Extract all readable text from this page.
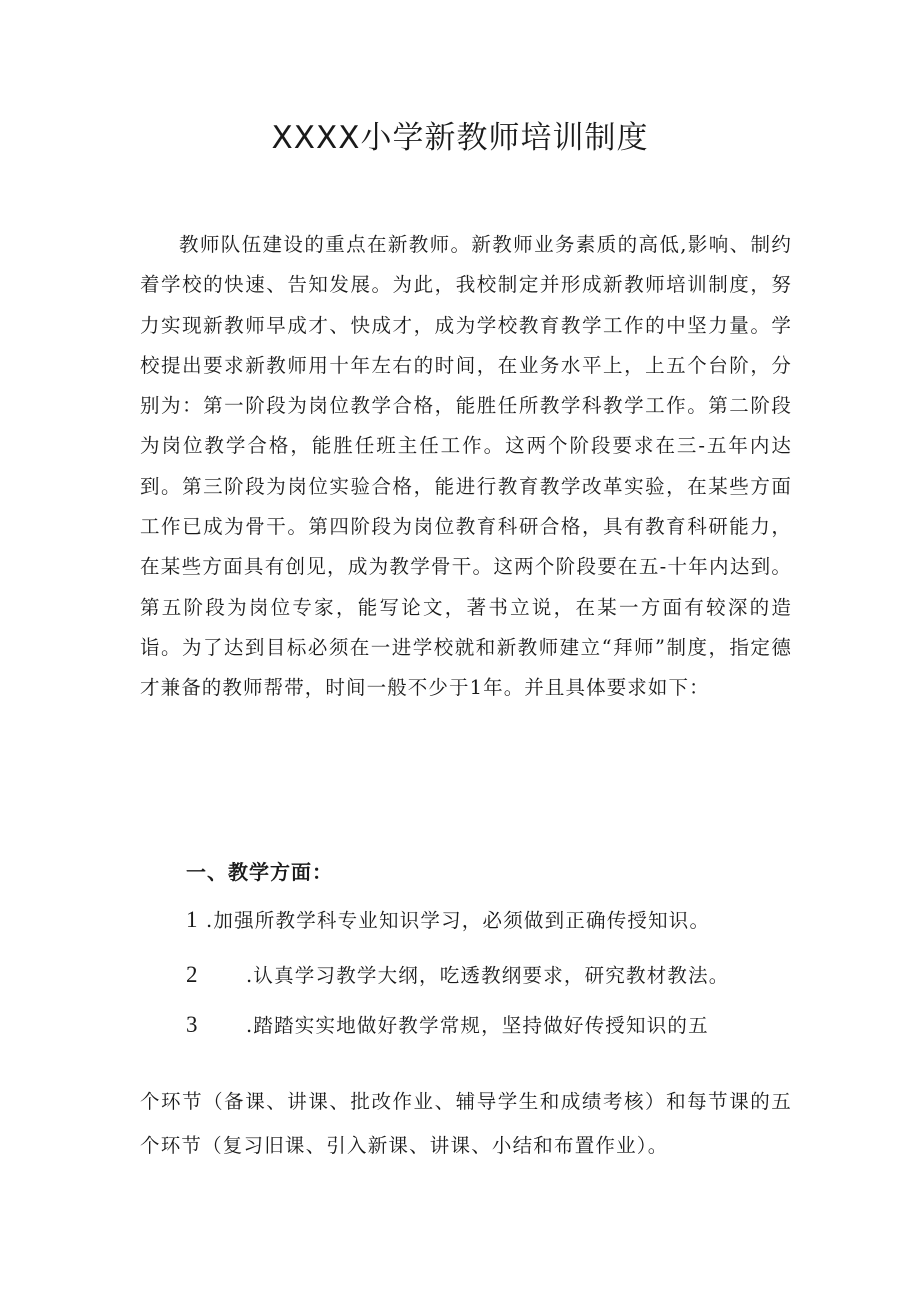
XXXX小学新教师培训制度

教师队伍建设的重点在新教师。新教师业务素质的高低,影响、制约着学校的快速、告知发展。为此，我校制定并形成新教师培训制度，努力实现新教师早成才、快成才，成为学校教育教学工作的中坚力量。学校提出要求新教师用十年左右的时间，在业务水平上，上五个台阶，分别为：第一阶段为岗位教学合格，能胜任所教学科教学工作。第二阶段为岗位教学合格，能胜任班主任工作。这两个阶段要求在三-五年内达到。第三阶段为岗位实验合格，能进行教育教学改革实验，在某些方面工作已成为骨干。第四阶段为岗位教育科研合格，具有教育科研能力，在某些方面具有创见，成为教学骨干。这两个阶段要在五-十年内达到。第五阶段为岗位专家，能写论文，著书立说，在某一方面有较深的造诣。为了达到目标必须在一进学校就和新教师建立“拜师”制度，指定德才兼备的教师帮带，时间一般不少于1年。并且具体要求如下：

一、教学方面：
1 .加强所教学科专业知识学习，必须做到正确传授知识。
2 .认真学习教学大纲，吃透教纲要求，研究教材教法。
3 .踏踏实实地做好教学常规，坚持做好传授知识的五

个环节（备课、讲课、批改作业、辅导学生和成绩考核）和每节课的五个环节（复习旧课、引入新课、讲课、小结和布置作业）。
